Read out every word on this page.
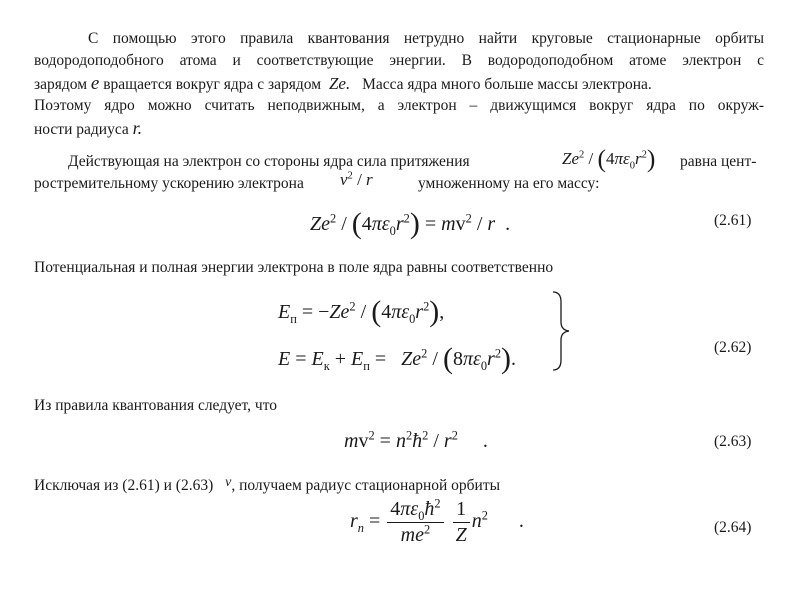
С помощью этого правила квантования нетрудно найти круговые стационарные орбиты
водородоподобного атома и соответствующие энергии. В водородоподобном атоме электрон с
зарядом e вращается вокруг ядра с зарядом Ze. Масса ядра много больше массы электрона.
Поэтому ядро можно считать неподвижным, а электрон – движущимся вокруг ядра по окруж-
ности радиуса r.
Действующая на электрон со стороны ядра сила притяжения	$Ze^2 / (4\pi\varepsilon_0r^2)$ равна цент-
ростремительному ускорению электрона $v^2$ / r	умноженному на его массу:
$Ze^2 / (4\pi\varepsilon_0r^2) = mv^2 / r$  .	(2.61)
Потенциальная и полная энергии электрона в поле ядра равны соответственно
$E_п = -Ze^2 / (4\pi\varepsilon_0r^2)$,
$E = E_к + E_п = Ze^2 / (8\pi\varepsilon_0r^2)$.
(2.62)
Из правила квантования следует, что
$mv^2$ = $n^2ħ^2 / r^2$     .	(2.63)
Исключая из (2.61) и (2.63) v, получаем радиус стационарной орбиты
$r_n = \frac{4\pi\varepsilon_0ħ^2}{me^2}$
$\frac{1}{Z} n^2$ .	(2.64)
